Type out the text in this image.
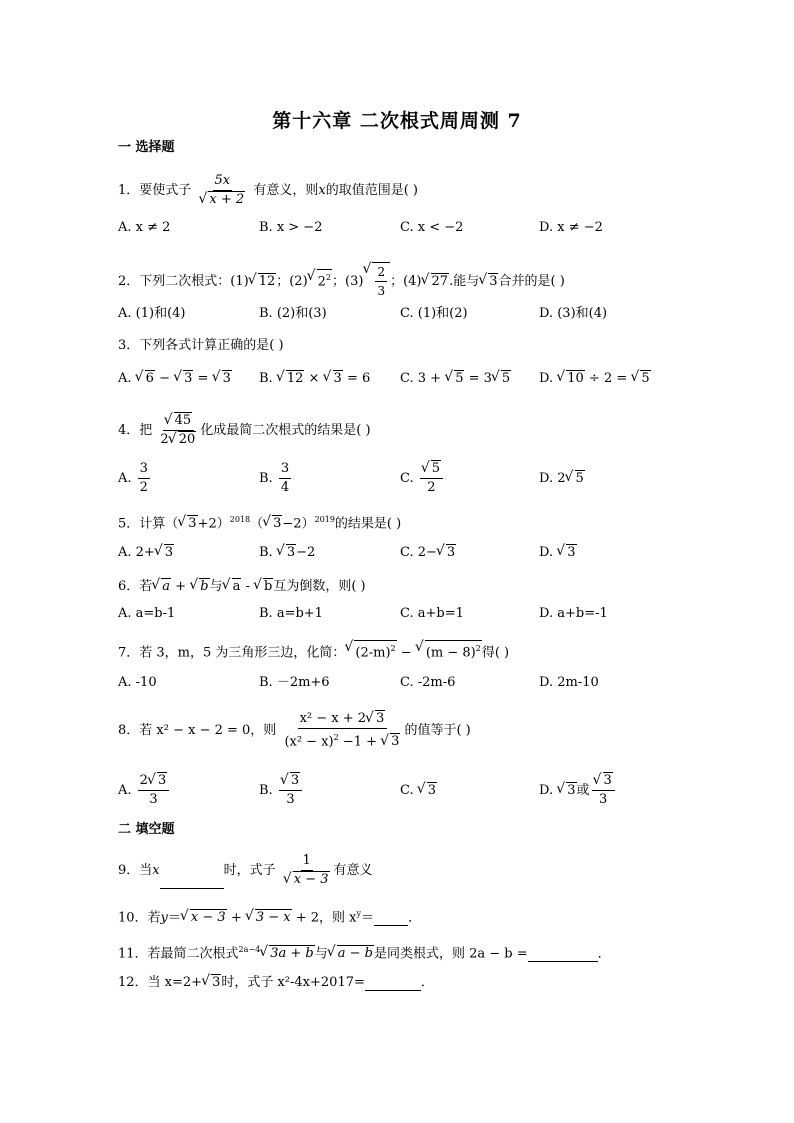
第十六章 二次根式周周测 7
一 选择题
1．要使式子 5x
√ x + 2 有意义，则x的取值范围是( )
A. x ≠ 2	B. x > −2	C. x < −2	D. x ≠ −2
2．下列二次根式：(1) √ 12；(2) √ $2^2$；(3) √ $\frac{2}{3}$ ；(4) √ 27.能与 √ 3合并的是( )
A. (1)和(4)	B. (2)和(3)	C. (1)和(2)	D. (3)和(4)
3．下列各式计算正确的是( )
A. √ 6 − √ 3 = √ 3 B. √ 12 × √ 3 = 6 C. 3 + √ 5 = 3 √ 5 D. √ 10 ÷ 2 = √ 5
4．把 √ $\frac{45}{2 √ 20}$ 化成最简二次根式的结果是( )
A. $\frac{3}{2}$	B. $\frac{3}{4}$	C. √ $\frac{5}{2}$	D. 2 √ 5
5．计算（ √ 3+2）$^{2018}$（ √ 3−2）$^{2019}$的结果是( )
A. 2+ √ 3	B. √ 3−2	C. 2− √ 3	D. √ 3
6．若 √ a + √ b与 √ a - √ b互为倒数，则( )
A. a=b-1	B. a=b+1	C. a+b=1	D. a+b=-1
7．若 3，m，5 为三角形三边，化简： √ $(2-m)^2$ − √ $(m - 8)^2$得( )
A. -10	B. －2m+6	C. -2m-6	D. 2m-10
8．若 x² − x − 2 = 0，则 $\frac{\text{x² − x + 2 √ 3}}{(x^2 - x)^2 -1 + √ 3}$ 的值等于( )
A. $\frac{2 √ 3}{3}$	B. √ $\frac{3}{3}$	C. √ 3	D. √ 3或 √ $\frac{3}{3}$
二 填空题
9．当x	时，式子 1
√ x − 3 有意义
10．若y＝ √ x − 3 + √ 3 − x + 2，则 $x^y=$	．
11．若最简二次根式$^{2a-4}$ √ 3a + b与 √ a − b是同类根式，则 2a − b =	．
12．当 x=2+ √ 3时，式子 x²-4x+2017=	．
